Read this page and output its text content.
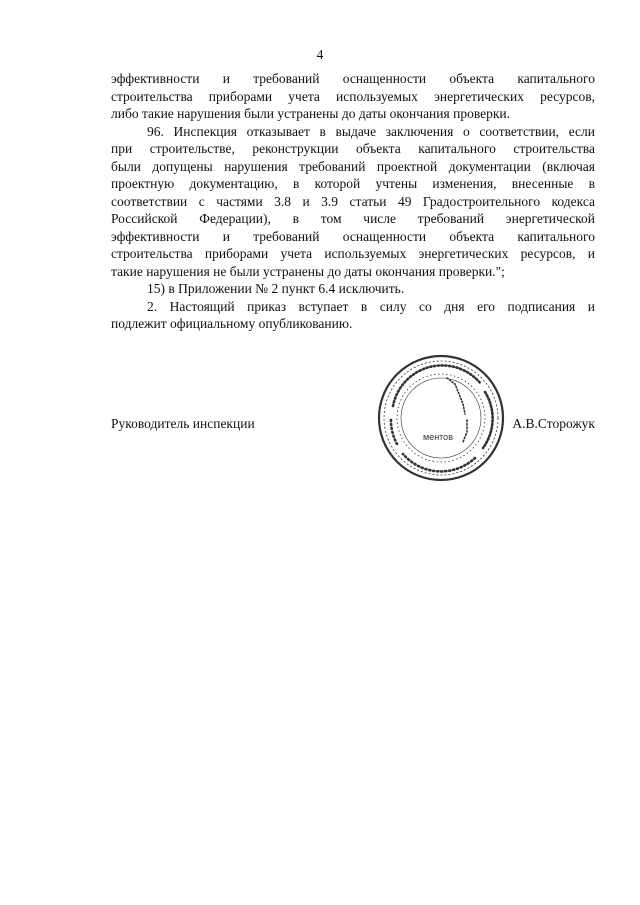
4
эффективности и требований оснащенности объекта капитального
строительства приборами учета используемых энергетических ресурсов,
либо такие нарушения были устранены до даты окончания проверки.
96. Инспекция отказывает в выдаче заключения о соответствии, если
при строительстве, реконструкции объекта капитального строительства
были допущены нарушения требований проектной документации (включая
проектную документацию, в которой учтены изменения, внесенные в
соответствии с частями 3.8 и 3.9 статьи 49 Градостроительного кодекса
Российской Федерации), в том числе требований энергетической
эффективности и требований оснащенности объекта капитального
строительства приборами учета используемых энергетических ресурсов, и
такие нарушения не были устранены до даты окончания проверки.";
15) в Приложении № 2 пункт 6.4 исключить.
2. Настоящий приказ вступает в силу со дня его подписания и
подлежит официальному опубликованию.
Руководитель инспекции
ментов
А.В.Сторожук
